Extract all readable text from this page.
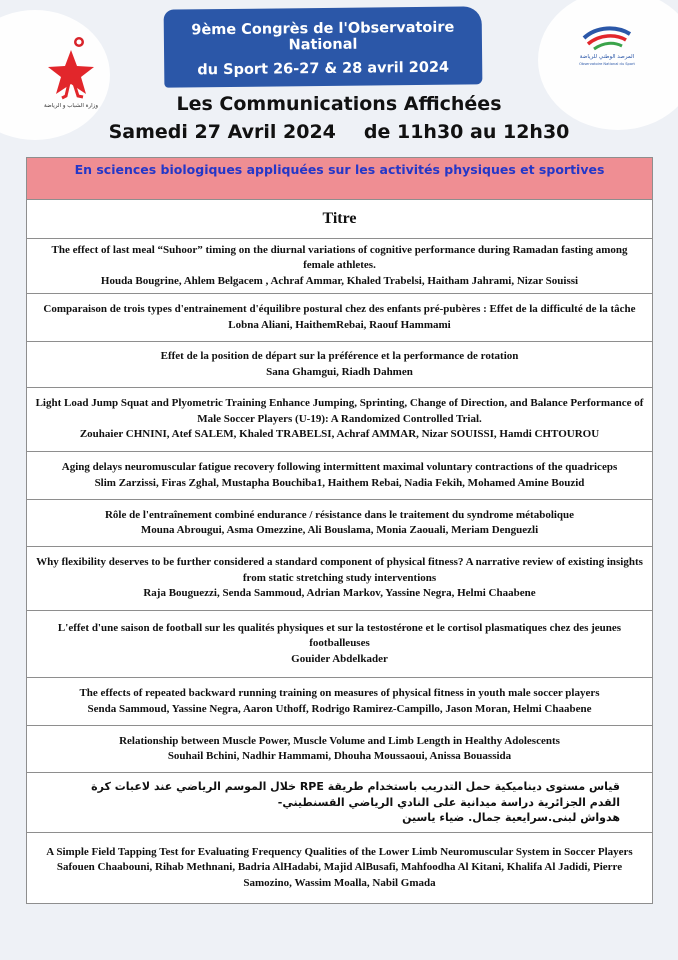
وزارة الشباب و الرياضة
المرصد الوطني للرياضة
Observatoire National du Sport
9ème Congrès de l'Observatoire National
du Sport 26-27 & 28 avril 2024
Les Communications Affichées
Samedi 27 Avril 2024 de 11h30 au 12h30
En sciences biologiques appliquées sur les activités physiques et sportives
Titre
The effect of last meal “Suhoor” timing on the diurnal variations of cognitive performance during Ramadan fasting among female athletes.
Houda Bougrine, Ahlem Belgacem , Achraf Ammar, Khaled Trabelsi, Haitham Jahrami, Nizar Souissi
Comparaison de trois types d'entrainement d'équilibre postural chez des enfants pré-pubères : Effet de la difficulté de la tâche
Lobna Aliani, HaithemRebai, Raouf Hammami
Effet de la position de départ sur la préférence et la performance de rotation
Sana Ghamgui, Riadh Dahmen
Light Load Jump Squat and Plyometric Training Enhance Jumping, Sprinting, Change of Direction, and Balance Performance of Male Soccer Players (U-19): A Randomized Controlled Trial.
Zouhaier CHNINI, Atef SALEM, Khaled TRABELSI, Achraf AMMAR, Nizar SOUISSI, Hamdi CHTOUROU
Aging delays neuromuscular fatigue recovery following intermittent maximal voluntary contractions of the quadriceps
Slim Zarzissi, Firas Zghal, Mustapha Bouchiba1, Haithem Rebai, Nadia Fekih, Mohamed Amine Bouzid
Rôle de l'entraînement combiné endurance / résistance dans le traitement du syndrome métabolique
Mouna Abrougui, Asma Omezzine, Ali Bouslama, Monia Zaouali, Meriam Denguezli
Why flexibility deserves to be further considered a standard component of physical fitness? A narrative review of existing insights from static stretching study interventions
Raja Bouguezzi, Senda Sammoud, Adrian Markov, Yassine Negra, Helmi Chaabene
L'effet d'une saison de football sur les qualités physiques et sur la testostérone et le cortisol plasmatiques chez des jeunes footballeuses
Gouider Abdelkader
The effects of repeated backward running training on measures of physical fitness in youth male soccer players
Senda Sammoud, Yassine Negra, Aaron Uthoff, Rodrigo Ramirez-Campillo, Jason Moran, Helmi Chaabene
Relationship between Muscle Power, Muscle Volume and Limb Length in Healthy Adolescents
Souhail Bchini, Nadhir Hammami, Dhouha Moussaoui, Anissa Bouassida
قياس مستوى ديناميكية حمل التدريب باستخدام طريقة RPE خلال الموسم الرياضي عند لاعبات كرة القدم الجزائرية دراسة ميدانية على النادي الرياضي القسنطيني-
هدواش لبنى.سرايعية جمال. ضياء ياسين
A Simple Field Tapping Test for Evaluating Frequency Qualities of the Lower Limb Neuromuscular System in Soccer Players
Safouen Chaabouni, Rihab Methnani, Badria AlHadabi, Majid AlBusafi, Mahfoodha Al Kitani, Khalifa Al Jadidi, Pierre Samozino, Wassim Moalla, Nabil Gmada
